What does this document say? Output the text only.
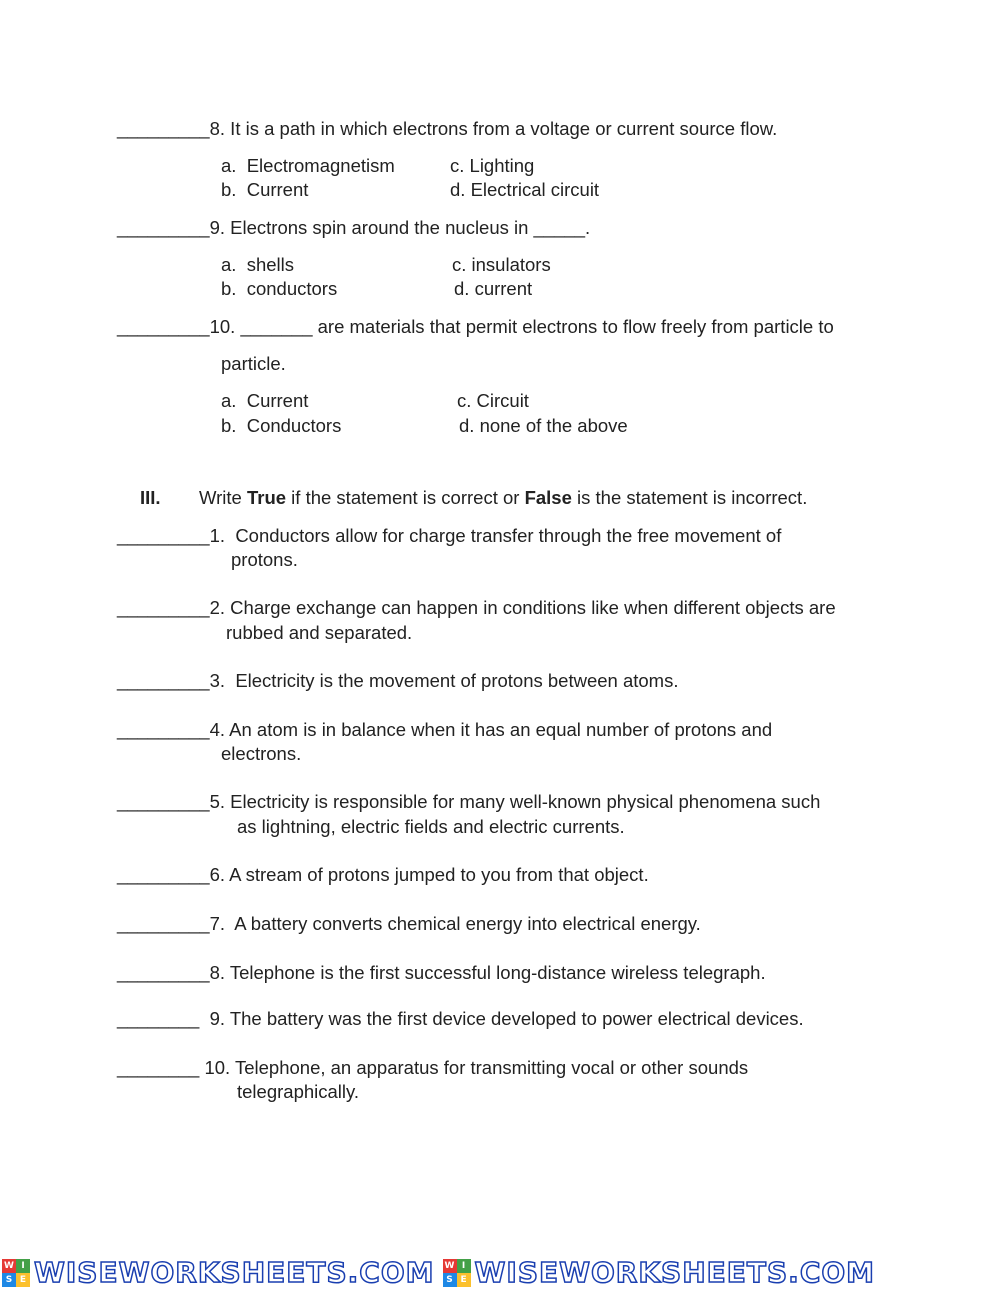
_________8. It is a path in which electrons from a voltage or current source flow.
a.  Electromagnetism	c. Lighting
b.  Current	d. Electrical circuit
_________9. Electrons spin around the nucleus in _____.
a.  shells	c. insulators
b.  conductors	d. current
_________10. _______ are materials that permit electrons to flow freely from particle to
particle.
a.  Current	c. Circuit
b.  Conductors	d. none of the above
III. Write True if the statement is correct or False is the statement is incorrect.
_________1.  Conductors allow for charge transfer through the free movement of
protons.
_________2. Charge exchange can happen in conditions like when different objects are
rubbed and separated.
_________3.  Electricity is the movement of protons between atoms.
_________4. An atom is in balance when it has an equal number of protons and
electrons.
_________5. Electricity is responsible for many well-known physical phenomena such
as lightning, electric fields and electric currents.
_________6. A stream of protons jumped to you from that object.
_________7.  A battery converts chemical energy into electrical energy.
_________8. Telephone is the first successful long-distance wireless telegraph.
________  9. The battery was the first device developed to power electrical devices.
________ 10. Telephone, an apparatus for transmitting vocal or other sounds
telegraphically.
W I
S E WISEWORKSHEETS.COM W I
S E WISEWORKSHEETS.COM
